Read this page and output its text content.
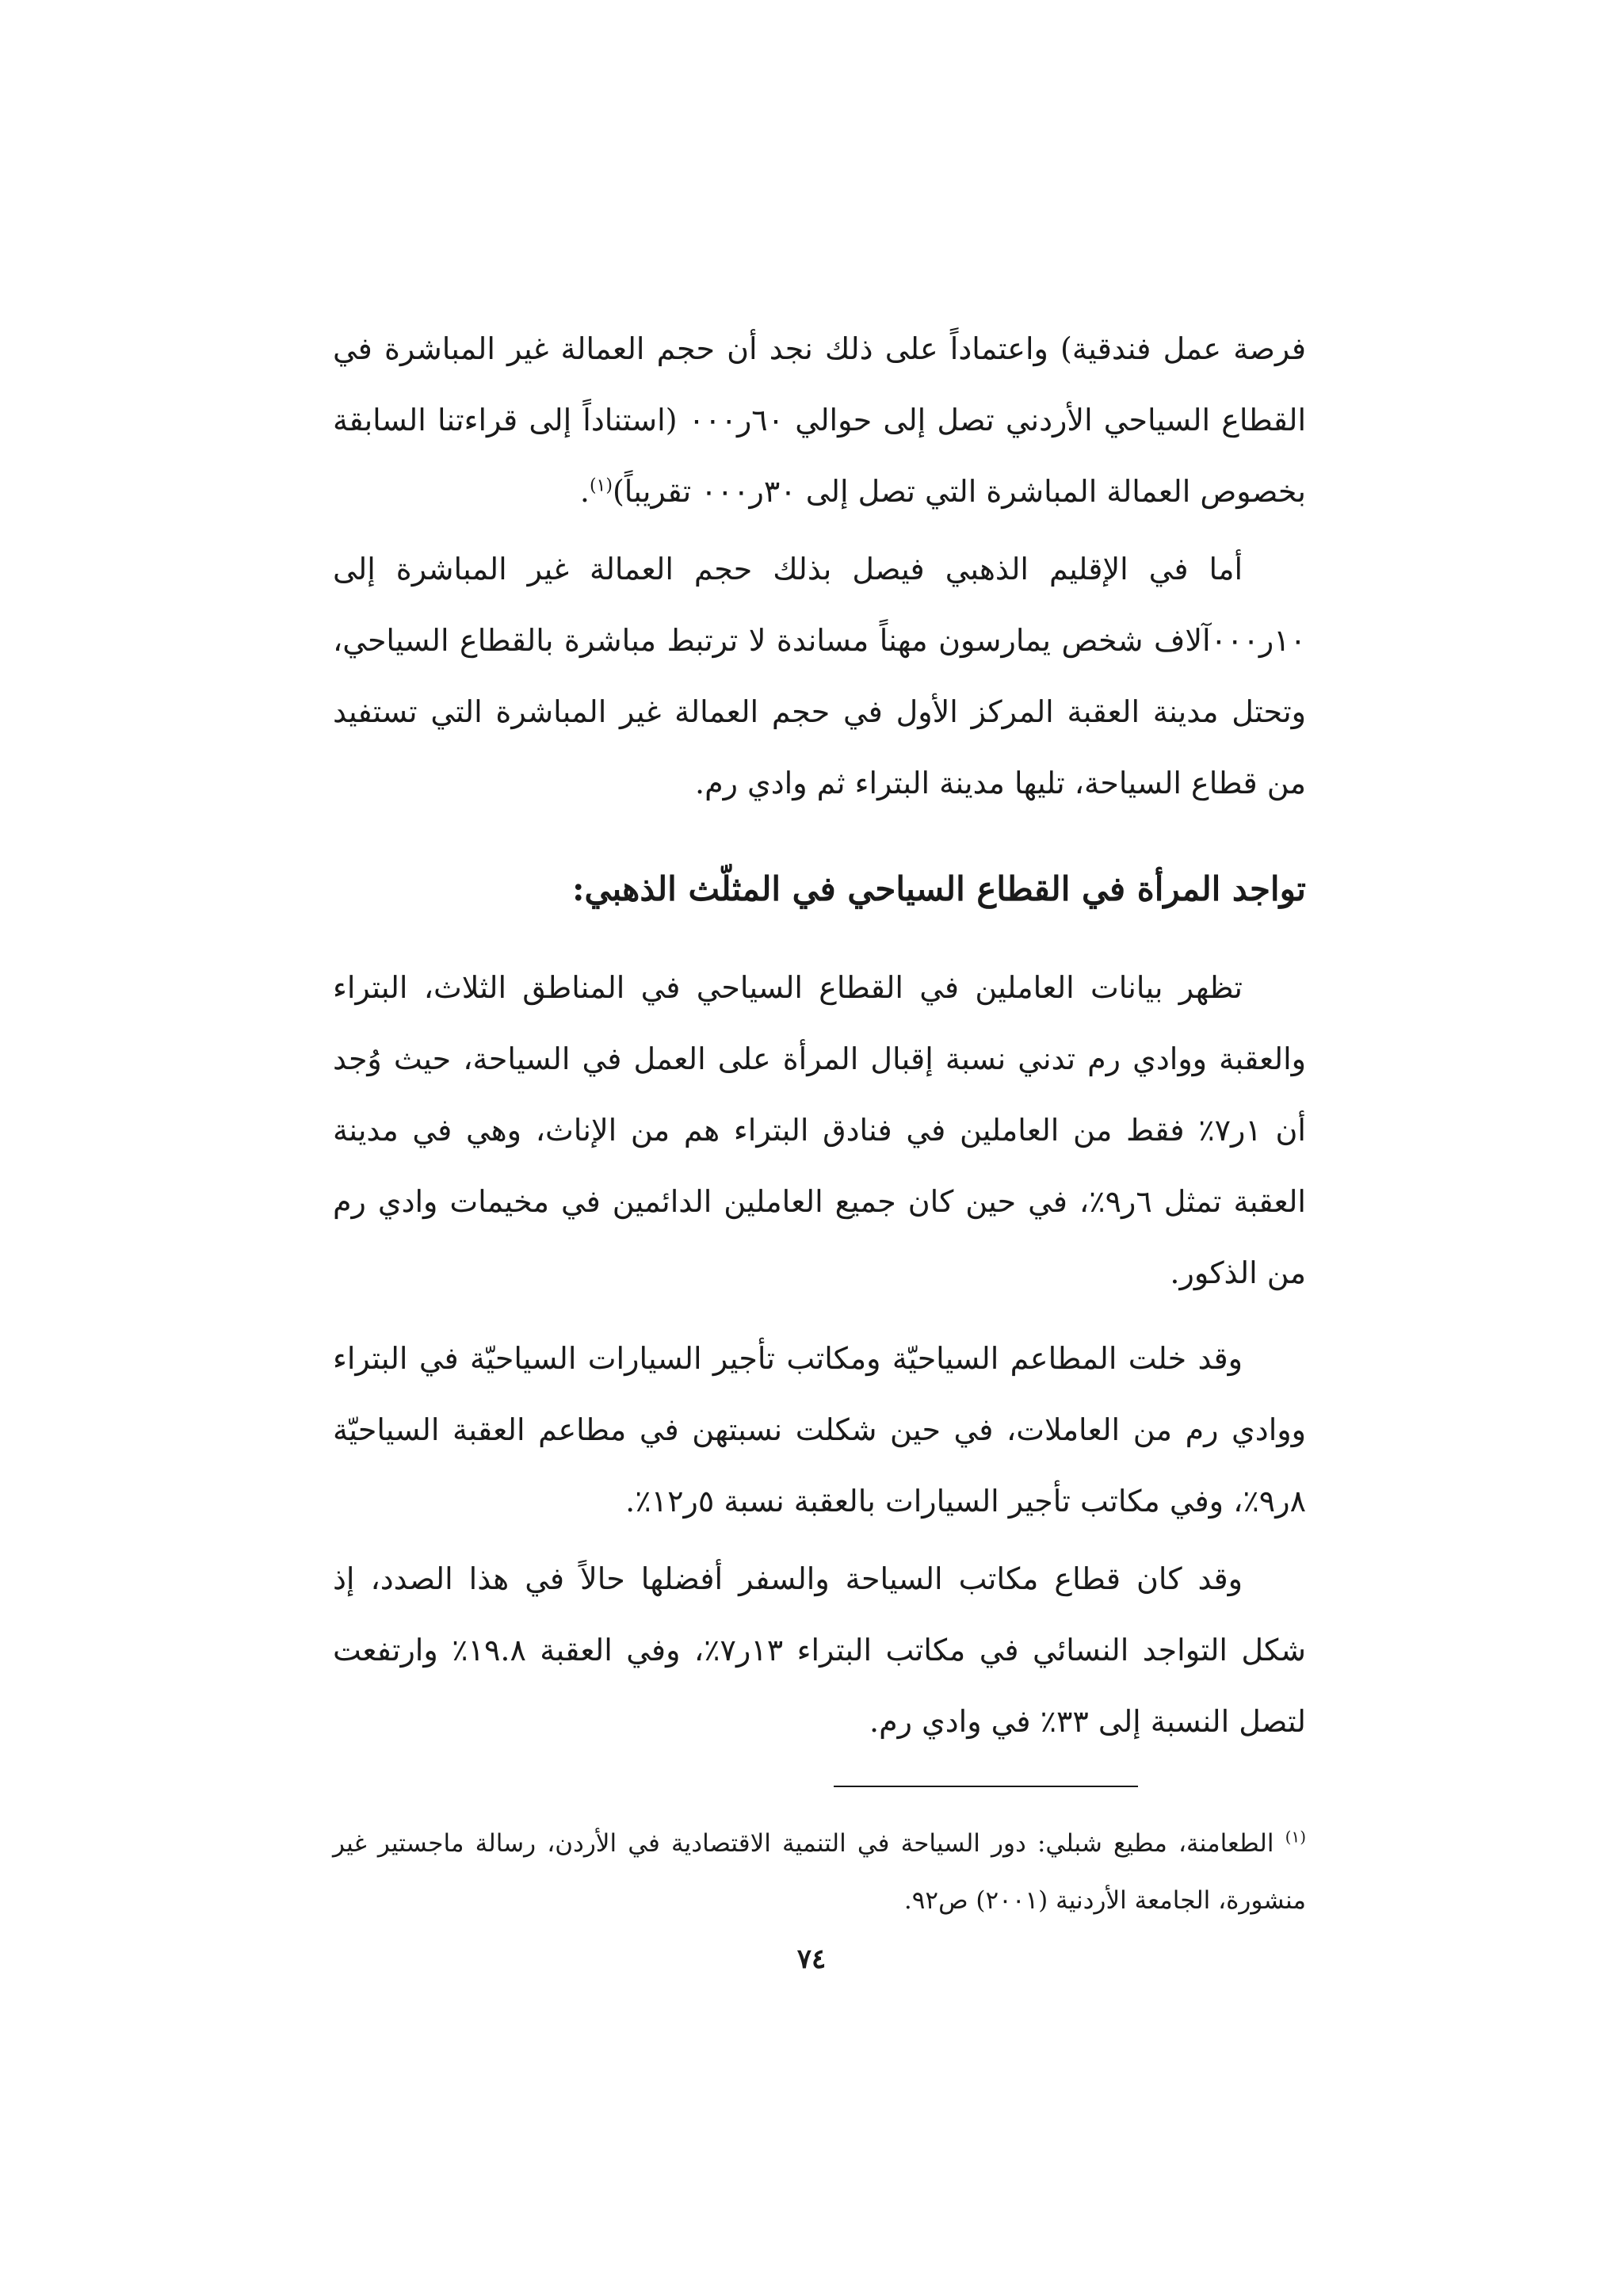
فرصة عمل فندقية) واعتماداً على ذلك نجد أن حجم العمالة غير المباشرة في القطاع السياحي الأردني تصل إلى حوالي ٦٠ر٠٠٠ (استناداً إلى قراءتنا السابقة بخصوص العمالة المباشرة التي تصل إلى ٣٠ر٠٠٠ تقريباً)$^{(١)}$.

أما في الإقليم الذهبي فيصل بذلك حجم العمالة غير المباشرة إلى ١٠ر٠٠٠آلاف شخص يمارسون مهناً مساندة لا ترتبط مباشرة بالقطاع السياحي، وتحتل مدينة العقبة المركز الأول في حجم العمالة غير المباشرة التي تستفيد من قطاع السياحة، تليها مدينة البتراء ثم وادي رم.

تواجد المرأة في القطاع السياحي في المثلّث الذهبي:

تظهر بيانات العاملين في القطاع السياحي في المناطق الثلاث، البتراء والعقبة ووادي رم تدني نسبة إقبال المرأة على العمل في السياحة، حيث وُجد أن ١ر٧٪ فقط من العاملين في فنادق البتراء هم من الإناث، وهي في مدينة العقبة تمثل ٦ر٩٪، في حين كان جميع العاملين الدائمين في مخيمات وادي رم من الذكور.

وقد خلت المطاعم السياحيّة ومكاتب تأجير السيارات السياحيّة في البتراء ووادي رم من العاملات، في حين شكلت نسبتهن في مطاعم العقبة السياحيّة ٨ر٩٪، وفي مكاتب تأجير السيارات بالعقبة نسبة ٥ر١٢٪.

وقد كان قطاع مكاتب السياحة والسفر أفضلها حالاً في هذا الصدد، إذ شكل التواجد النسائي في مكاتب البتراء ١٣ر٧٪، وفي العقبة ١٩.٨٪ وارتفعت لتصل النسبة إلى ٣٣٪ في وادي رم.

$^{(١)}$ الطعامنة، مطيع شبلي: دور السياحة في التنمية الاقتصادية في الأردن، رسالة ماجستير غير منشورة، الجامعة الأردنية (٢٠٠١) ص٩٢.

٧٤
